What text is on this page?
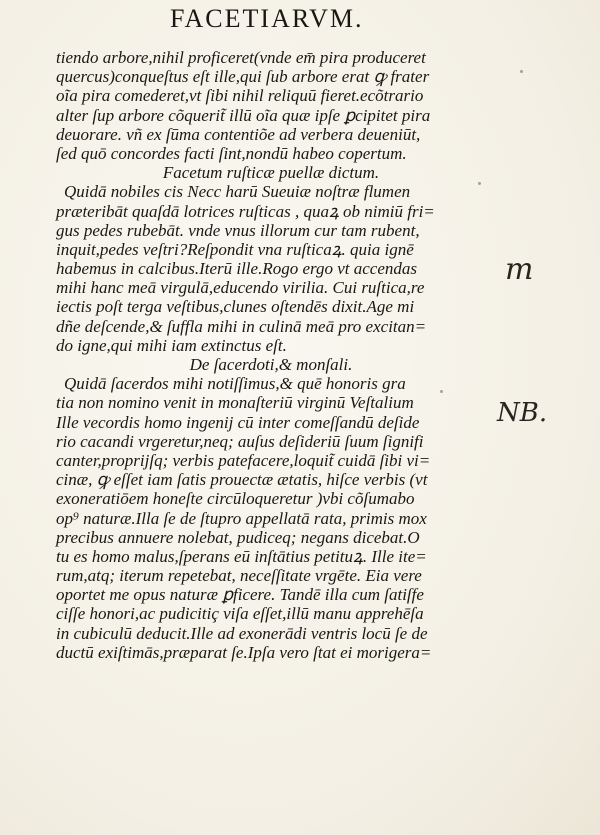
FACETIARVM.
tiendo arbore,nihil proficeret(vnde em̄ pira produceret
quercus)conqueſtus eſt ille,qui ſub arbore erat ꝙ frater
oĩa pira comederet,vt ſibi nihil reliquū fieret.ecõtrario
alter ſup arbore cõquerit̃ illū oĩa quæ ipſe ꝑcipitet pira
deuorare. vñ ex ſūma contentiõe ad verbera deueniūt,
ſed quō concordes facti ſint,nondū habeo copertum.
Facetum ruſticæ puellæ dictum.
Quidā nobiles cis Necc harū Sueuiæ noſtræ flumen
præteribāt quaſdā lotrices ruſticas , quaꝝ ob nimiū fri=
gus pedes rubebāt. vnde vnus illorum cur tam rubent,
inquit,pedes veſtri?Reſpondit vna ruſticaꝝ. quia ignē
habemus in calcibus.Iterū ille.Rogo ergo vt accendas
mihi hanc meā virgulā,educendo virilia. Cui ruſtica,re
iectis poſt terga veſtibus,clunes oſtendēs dixit.Age mi
dñe deſcende,& ſuffla mihi in culinā meā pro excitan=
do igne,qui mihi iam extinctus eſt.
De ſacerdoti,& monſali.
Quidā ſacerdos mihi notiſſimus,& quē honoris gra
tia non nomino venit in monaſteriū virginū Veſtalium
Ille vecordis homo ingenij cū inter comeſſandū deſide
rio cacandi vrgeretur,neq; auſus deſideriū ſuum ſignifi
canter,proprijſq; verbis patefacere,loquit̃ cuidā ſibi vi=
cinæ, ꝙ eſſet iam ſatis prouectæ ætatis, hiſce verbis (vt
exoneratiōem honeſte circūloqueretur )vbi cõſumabo
op⁹ naturæ.Illa ſe de ſtupro appellatā rata, primis mox
precibus annuere nolebat, pudiceq; negans dicebat.O
tu es homo malus,ſperans eū inſtātius petituꝝ. Ille ite=
rum,atq; iterum repetebat, neceſſitate vrgēte. Eia vere
oportet me opus naturæ ꝑficere. Tandē illa cum ſatiſfe
ciſſe honori,ac pudicitiç viſa eſſet,illū manu apprehēſa
in cubiculū deducit.Ille ad exonerādi ventris locū ſe de
ductū exiſtimās,præparat ſe.Ipſa vero ſtat ei morigera=
m
NB.
